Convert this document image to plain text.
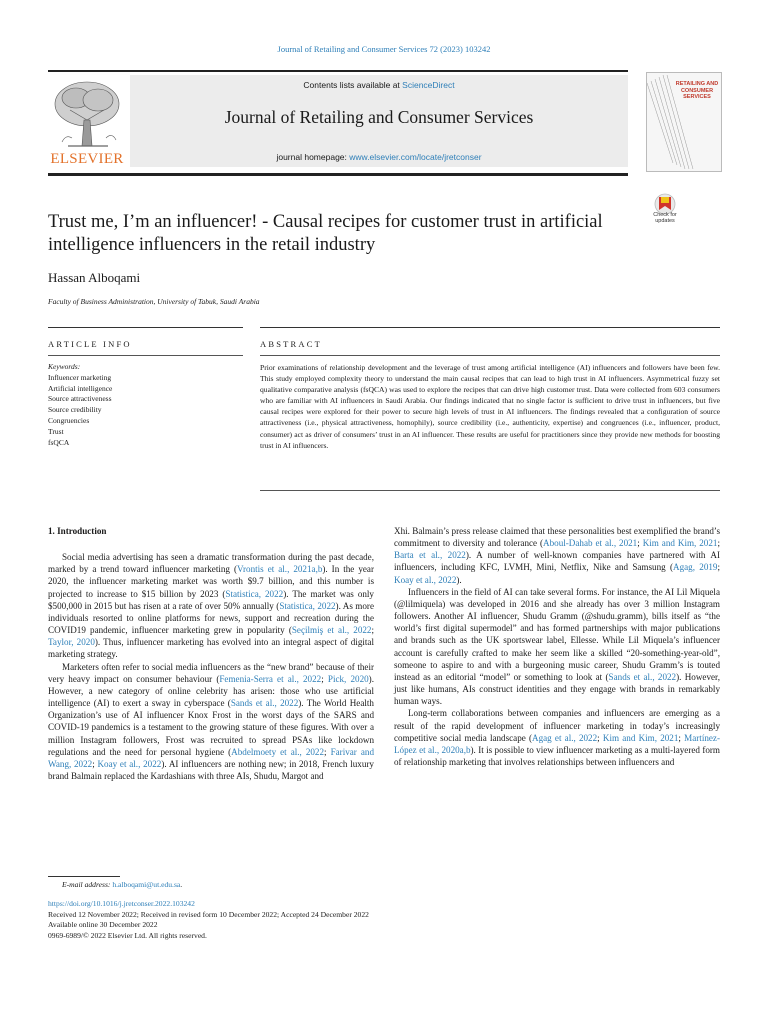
Journal of Retailing and Consumer Services 72 (2023) 103242
ELSEVIER
Contents lists available at ScienceDirect
Journal of Retailing and Consumer Services
journal homepage: www.elsevier.com/locate/jretconser
RETAILING AND CONSUMER SERVICES
Trust me, I’m an influencer! - Causal recipes for customer trust in artificial intelligence influencers in the retail industry
Check for updates
Hassan Alboqami
Faculty of Business Administration, University of Tabuk, Saudi Arabia
ARTICLE INFO	ABSTRACT
Keywords:
Influencer marketing
Artificial intelligence
Source attractiveness
Source credibility
Congruencies
Trust
fsQCA
Prior examinations of relationship development and the leverage of trust among artificial intelligence (AI) influencers and followers have been few. This study employed complexity theory to understand the main causal recipes that can lead to high trust in AI influencers. Asymmetrical fuzzy set qualitative comparative analysis (fsQCA) was used to explore the recipes that can drive high customer trust. Data were collected from 603 consumers who are familiar with AI influencers in Saudi Arabia. Our findings indicated that no single factor is sufficient to drive trust in influencers, but five causal recipes were explored for their power to secure high levels of trust in AI influencers. The findings revealed that a configuration of source attractiveness (i.e., physical attractiveness, homophily), source credibility (i.e., authenticity, expertise) and congruences (i.e., influencer, product, consumer) act as driver of consumers’ trust in an AI influencer. These results are useful for practitioners since they provide new methods for boosting trust in AI influencers.
1. Introduction

Social media advertising has seen a dramatic transformation during the past decade, marked by a trend toward influencer marketing (Vrontis et al., 2021a,b). In the year 2020, the influencer marketing market was worth $9.7 billion, and this number is projected to increase to $15 billion by 2023 (Statistica, 2022). The market was only $500,000 in 2015 but has risen at a rate of over 50% annually (Statistica, 2022). As more individuals resorted to online platforms for news, support and recreation during the COVID19 pandemic, influencer marketing grew in popularity (Seçilmiş et al., 2022; Taylor, 2020). Thus, influencer marketing has evolved into an integral aspect of digital marketing strategy.

Marketers often refer to social media influencers as the “new brand” because of their very heavy impact on consumer behaviour (Femenia-Serra et al., 2022; Pick, 2020). However, a new category of online celebrity has arisen: those who use artificial intelligence (AI) to exert a sway in cyberspace (Sands et al., 2022). The World Health Organization’s use of AI influencer Knox Frost in the worst days of the SARS and COVID-19 pandemics is a testament to the growing stature of these figures. With over a million Instagram followers, Frost was recruited to spread PSAs like lockdown regulations and the need for personal hygiene (Abdelmoety et al., 2022; Farivar and Wang, 2022; Koay et al., 2022). AI influencers are nothing new; in 2018, French luxury brand Balmain replaced the Kardashians with three AIs, Shudu, Margot and

Xhi. Balmain’s press release claimed that these personalities best exemplified the brand’s commitment to diversity and tolerance (Aboul-Dahab et al., 2021; Kim and Kim, 2021; Barta et al., 2022). A number of well-known companies have partnered with AI influencers, including KFC, LVMH, Mini, Netflix, Nike and Samsung (Agag, 2019; Koay et al., 2022).

Influencers in the field of AI can take several forms. For instance, the AI Lil Miquela (@lilmiquela) was developed in 2016 and she already has over 3 million Instagram followers. Another AI influencer, Shudu Gramm (@shudu.gramm), bills itself as “the world’s first digital supermodel” and has formed partnerships with major publications and brands such as the UK sportswear label, Ellesse. While Lil Miquela’s influencer account is carefully crafted to make her seem like a skilled “20-something-year-old”, someone to aspire to and with a burgeoning music career, Shudu Gramm’s is touted instead as an editorial “model” or something to look at (Sands et al., 2022). However, just like humans, AIs construct identities and they engage with brands in remarkably human ways.

Long-term collaborations between companies and influencers are emerging as a result of the rapid development of influencer marketing in today’s increasingly competitive social media landscape (Agag et al., 2022; Kim and Kim, 2021; Martínez-López et al., 2020a,b). It is possible to view influencer marketing as a multi-layered form of relationship marketing that involves relationships between influencers and

E-mail address: h.alboqami@ut.edu.sa.
https://doi.org/10.1016/j.jretconser.2022.103242
Received 12 November 2022; Received in revised form 10 December 2022; Accepted 24 December 2022
Available online 30 December 2022
0969-6989/© 2022 Elsevier Ltd. All rights reserved.
